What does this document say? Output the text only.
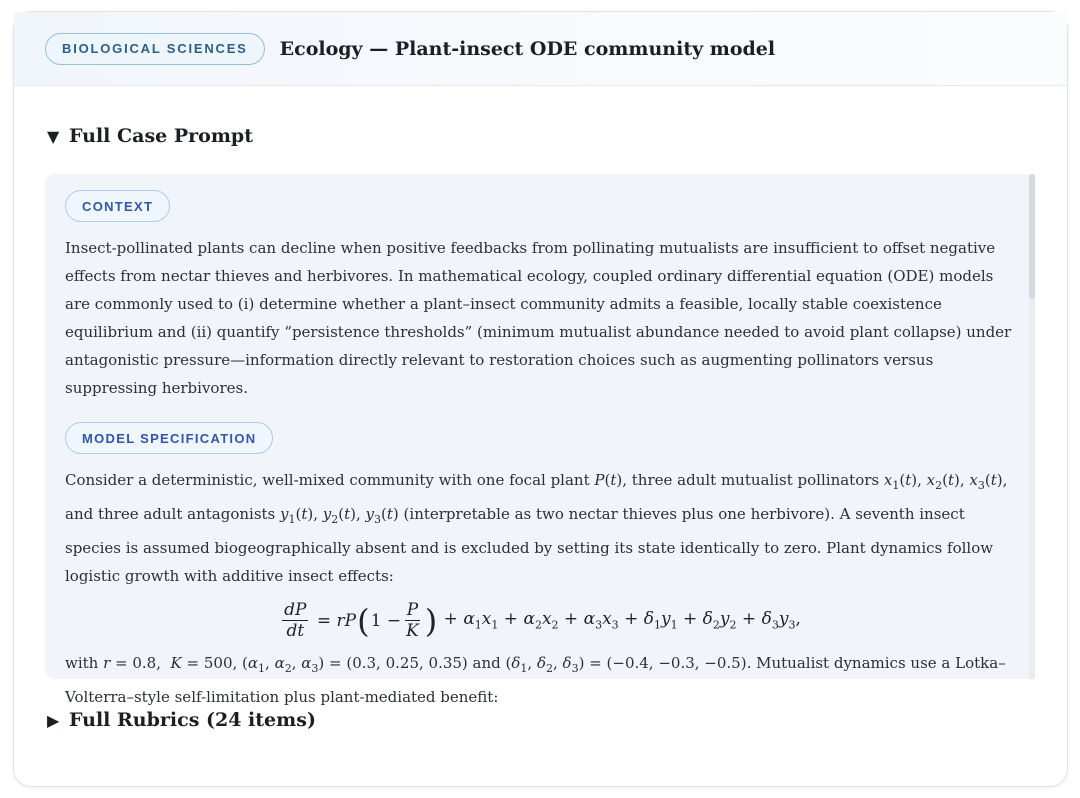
BIOLOGICAL SCIENCES	Ecology — Plant-insect ODE community model
▼ Full Case Prompt
CONTEXT

Insect-pollinated plants can decline when positive feedbacks from pollinating mutualists are insufficient to offset negative effects from nectar thieves and herbivores. In mathematical ecology, coupled ordinary differential equation (ODE) models are commonly used to (i) determine whether a plant–insect community admits a feasible, locally stable coexistence equilibrium and (ii) quantify “persistence thresholds” (minimum mutualist abundance needed to avoid plant collapse) under antagonistic pressure—information directly relevant to restoration choices such as augmenting pollinators versus suppressing herbivores.

MODEL SPECIFICATION

Consider a deterministic, well-mixed community with one focal plant P(t), three adult mutualist pollinators $x_1(t)$, $x_2(t)$, $x_3(t)$, and three adult antagonists $y_1(t)$, $y_2(t)$, $y_3(t)$ (interpretable as two nectar thieves plus one herbivore). A seventh insect species is assumed biogeographically absent and is excluded by setting its state identically to zero. Plant dynamics follow logistic growth with additive insect effects:

$\frac{dP}{dt}$ = rP ( $1 - \frac{P}{K}$ ) + $\alpha_1x_1 + \alpha_2x_2 + \alpha_3x_3 + \delta_1y_1 + \delta_2y_2 + \delta_3y_3$,

with r = 0.8,  K = 500, ($\alpha_1$, $\alpha_2$, $\alpha_3) = (0.3$, 0.25, 0.35) and ($\delta_1$, $\delta_2$, $\delta_3) = (-0.4$, −0.3, −0.5). Mutualist dynamics use a Lotka–Volterra–style self-limitation plus plant-mediated benefit:

▶ Full Rubrics (24 items)
